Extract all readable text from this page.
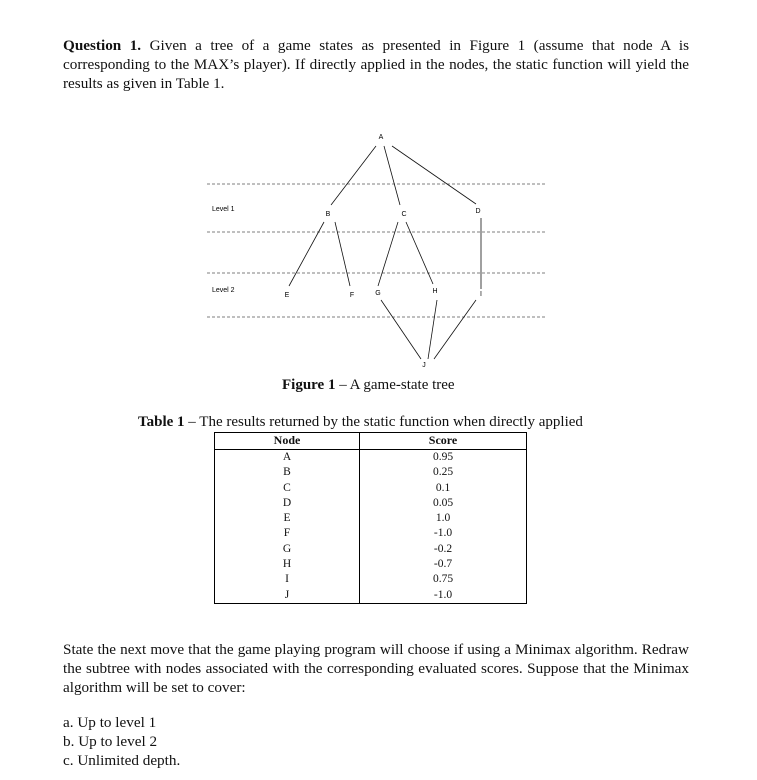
Question 1. Given a tree of a game states as presented in Figure 1 (assume that node A is corresponding to the MAX’s player). If directly applied in the nodes, the static function will yield the results as given in Table 1.

Level 1
Level 2
A
B	C	D
E	F	G	H	I
J
Figure 1 – A game-state tree
Table 1 – The results returned by the static function when directly applied
Node	Score
A	0.95
B	0.25
C	0.1
D	0.05
E	1.0
F	-1.0
G	-0.2
H	-0.7
I	0.75
J	-1.0

State the next move that the game playing program will choose if using a Minimax algorithm. Redraw the subtree with nodes associated with the corresponding evaluated scores. Suppose that the Minimax algorithm will be set to cover:

a. Up to level 1
b. Up to level 2
c. Unlimited depth.
